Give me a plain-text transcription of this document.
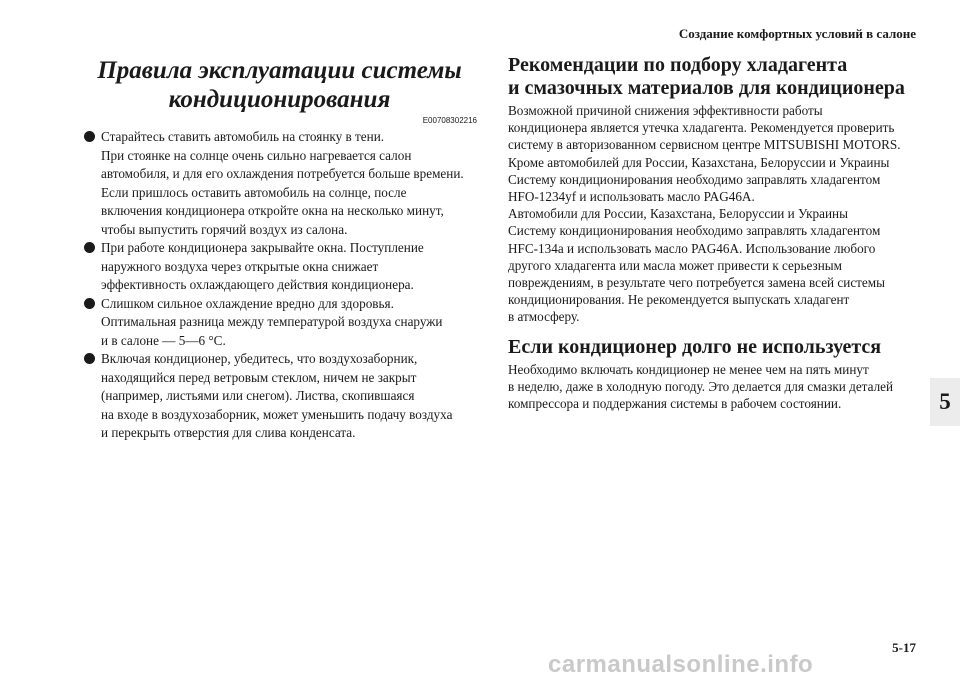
Создание комфортных условий в салоне
Правила эксплуатации системы
кондиционирования
E00708302216
Старайтесь ставить автомобиль на стоянку в тени.
При стоянке на солнце очень сильно нагревается салон
автомобиля, и для его охлаждения потребуется больше времени.
Если пришлось оставить автомобиль на солнце, после
включения кондиционера откройте окна на несколько минут,
чтобы выпустить горячий воздух из салона.
При работе кондиционера закрывайте окна. Поступление
наружного воздуха через открытые окна снижает
эффективность охлаждающего действия кондиционера.
Слишком сильное охлаждение вредно для здоровья.
Оптимальная разница между температурой воздуха снаружи
и в салоне — 5—6 °C.
Включая кондиционер, убедитесь, что воздухозаборник,
находящийся перед ветровым стеклом, ничем не закрыт
(например, листьями или снегом). Листва, скопившаяся
на входе в воздухозаборник, может уменьшить подачу воздуха
и перекрыть отверстия для слива конденсата.
Рекомендации по подбору хладагента
и смазочных материалов для кондиционера
Возможной причиной снижения эффективности работы
кондиционера является утечка хладагента. Рекомендуется проверить
систему в авторизованном сервисном центре MITSUBISHI MOTORS.
Кроме автомобилей для России, Казахстана, Белоруссии и Украины
Систему кондиционирования необходимо заправлять хладагентом
HFO-1234yf и использовать масло PAG46A.
Автомобили для России, Казахстана, Белоруссии и Украины
Систему кондиционирования необходимо заправлять хладагентом
HFC-134a и использовать масло PAG46A. Использование любого
другого хладагента или масла может привести к серьезным
повреждениям, в результате чего потребуется замена всей системы
кондиционирования. Не рекомендуется выпускать хладагент
в атмосферу.
Если кондиционер долго не используется
Необходимо включать кондиционер не менее чем на пять минут
в неделю, даже в холодную погоду. Это делается для смазки деталей
компрессора и поддержания системы в рабочем состоянии.	5
5-17
carmanualsonline.info
